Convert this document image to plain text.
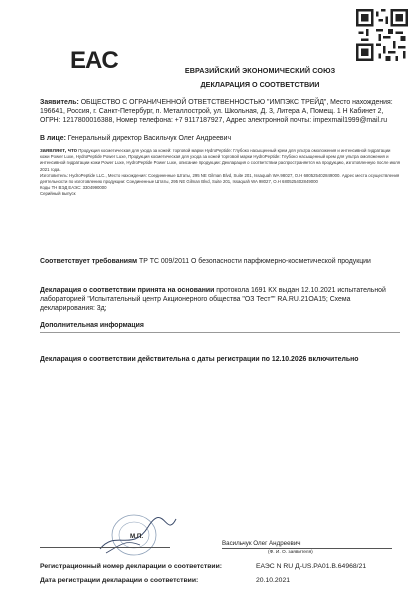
EAC	ЕВРАЗИЙСКИЙ ЭКОНОМИЧЕСКИЙ СОЮЗ
ДЕКЛАРАЦИЯ О СООТВЕТСТВИИ
Заявитель: ОБЩЕСТВО С ОГРАНИЧЕННОЙ ОТВЕТСТВЕННОСТЬЮ "ИМПЭКС ТРЕЙД", Место нахождения: 196641, Россия, г. Санкт-Петербург, п. Металлострой, ул. Школьная, Д. 3, Литера А, Помещ. 1 Н Кабинет 2, ОГРН: 1217800016388, Номер телефона: +7 9117187927, Адрес электронной почты: impexmail1999@mail.ru
В лице: Генеральный директор Васильчук Олег Андреевич
заявляет, что Продукция косметическая для ухода за кожей: торговой марки HydroPeptide: Глубоко насыщенный крем для ультра омоложения и интенсивной гидратации кожи Power Luxe, HydroPeptide Power Luxe, Продукция косметическая для ухода за кожей торговой марки HydroPeptide: Глубоко насыщенный крем для ультра омоложения и интенсивной гидратации кожи Power Luxe, HydroPeptide Power Luxe, описание продукции: Декларация о соответствии распространяется на продукцию, изготовленную после июля 2021 года.
Изготовитель: HydroPeptide LLC., Место нахождения: Соединенные Штаты, 295 NE Gilman Blvd, Suite 201, Issaquah WA 98027, О.Н 680525402849000. Адрес места осуществления деятельности по изготовлению продукции: Соединенные Штаты, 295 NE Gilman Blvd, Suite 201, Issaquah WA 98027, О.Н 680525402849000
Коды ТН ВЭД ЕАЭС: 3304990000
Серийный выпуск
Соответствует требованиям ТР ТС 009/2011 О безопасности парфюмерно-косметической продукции
Декларация о соответствии принята на основании протокола 1691 КХ выдан 12.10.2021 испытательной лабораторией "Испытательный центр Акционерного общества "ОЗ Тест"" RA.RU.21ОА15; Схема декларирования: 3д;
Дополнительная информация
Декларация о соответствии действительна с даты регистрации по 12.10.2026 включительно
М.П.
Васильчук Олег Андреевич
(Ф. И. О. заявителя)
Регистрационный номер декларации о соответствии:	ЕАЭС N RU Д-US.РА01.В.64968/21
Дата регистрации декларации о соответствии:	20.10.2021
